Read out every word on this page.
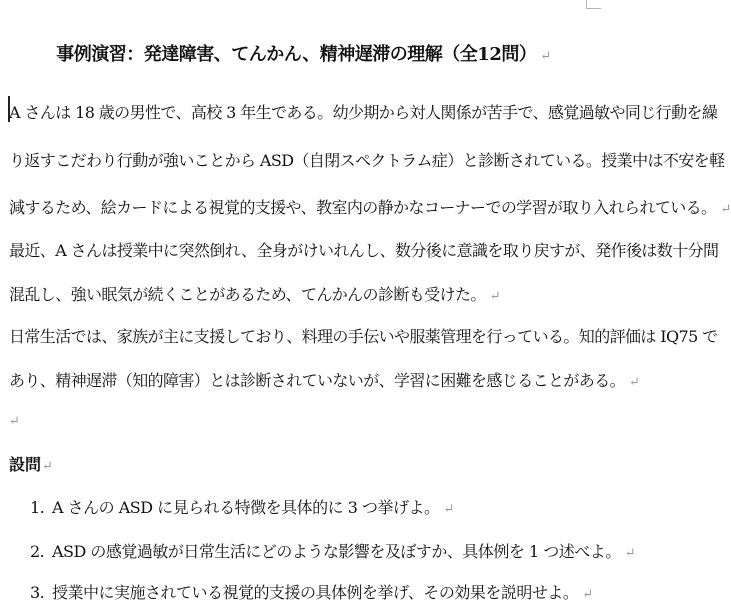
事例演習：発達障害、てんかん、精神遅滞の理解（全12問） ↵
A さんは 18 歳の男性で、高校 3 年生である。幼少期から対人関係が苦手で、感覚過敏や同じ行動を繰
り返すこだわり行動が強いことから ASD（自閉スペクトラム症）と診断されている。授業中は不安を軽
減するため、絵カードによる視覚的支援や、教室内の静かなコーナーでの学習が取り入れられている。 ↵
最近、A さんは授業中に突然倒れ、全身がけいれんし、数分後に意識を取り戻すが、発作後は数十分間
混乱し、強い眠気が続くことがあるため、てんかんの診断も受けた。 ↵
日常生活では、家族が主に支援しており、料理の手伝いや服薬管理を行っている。知的評価は IQ75 で
あり、精神遅滞（知的障害）とは診断されていないが、学習に困難を感じることがある。 ↵
↵
設問↵
1. A さんの ASD に見られる特徴を具体的に 3 つ挙げよ。 ↵
2. ASD の感覚過敏が日常生活にどのような影響を及ぼすか、具体例を 1 つ述べよ。 ↵
3. 授業中に実施されている視覚的支援の具体例を挙げ、その効果を説明せよ。 ↵
